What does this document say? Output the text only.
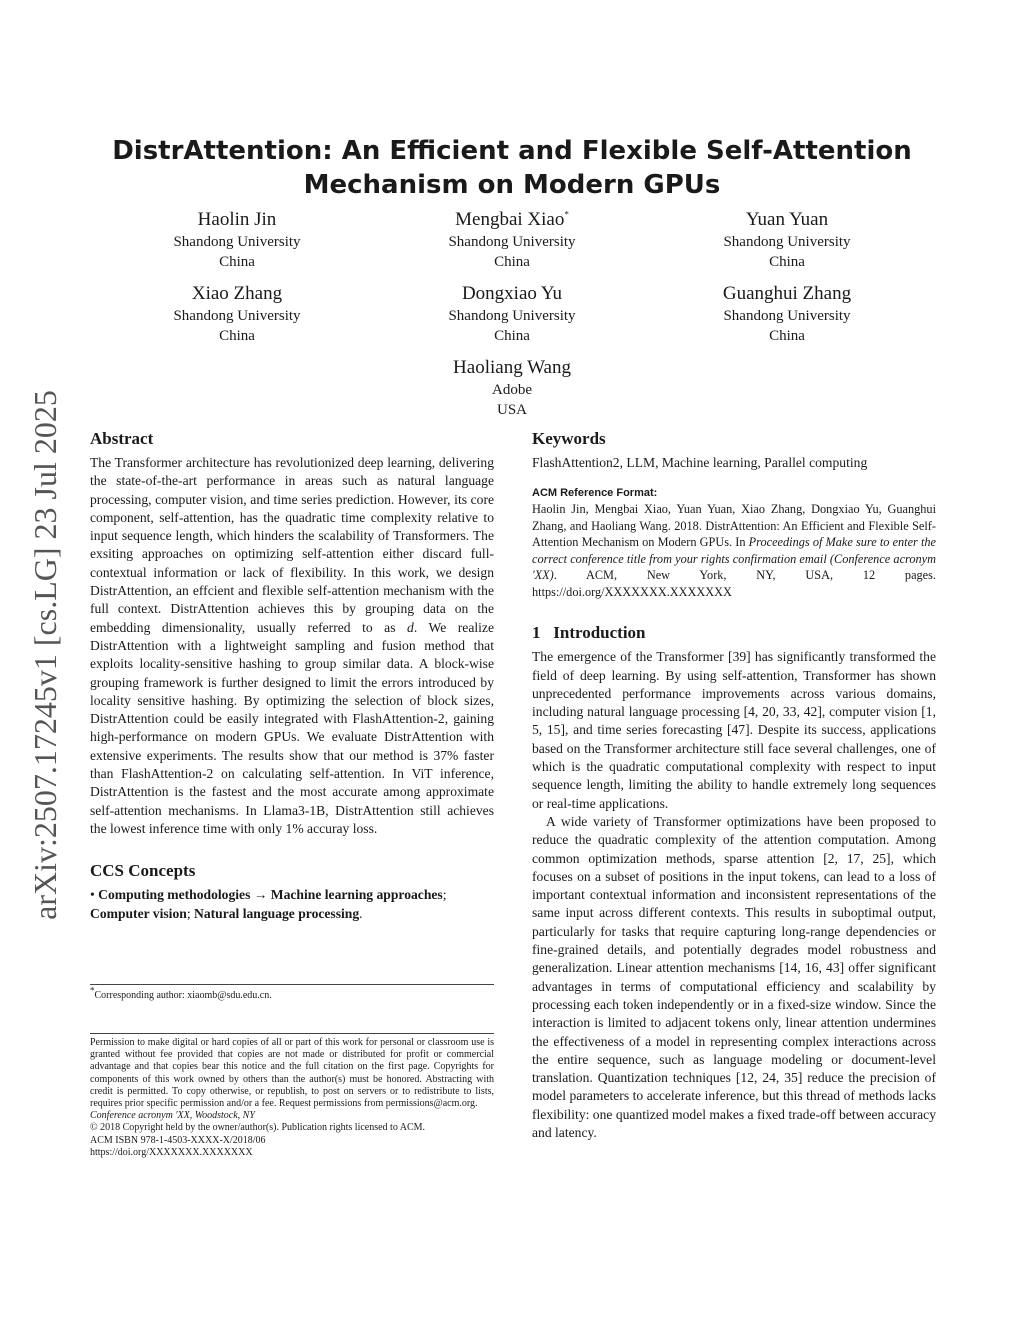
DistrAttention: An Efficient and Flexible Self-Attention
Mechanism on Modern GPUs
Haolin Jin
Shandong University
China
Mengbai Xiao*
Shandong University
China
Yuan Yuan
Shandong University
China
Xiao Zhang
Shandong University
China
Dongxiao Yu
Shandong University
China
Guanghui Zhang
Shandong University
China
Haoliang Wang
Adobe
USA
arXiv:2507.17245v1 [cs.LG] 23 Jul 2025	Abstract

The Transformer architecture has revolutionized deep learning, delivering the state-of-the-art performance in areas such as natural language processing, computer vision, and time series prediction. However, its core component, self-attention, has the quadratic time complexity relative to input sequence length, which hinders the scalability of Transformers. The exsiting approaches on optimizing self-attention either discard full-contextual information or lack of flexibility. In this work, we design DistrAttention, an effcient and flexible self-attention mechanism with the full context. DistrAttention achieves this by grouping data on the embedding dimensionality, usually referred to as d. We realize DistrAttention with a lightweight sampling and fusion method that exploits locality-sensitive hashing to group similar data. A block-wise grouping framework is further designed to limit the errors introduced by locality sensitive hashing. By optimizing the selection of block sizes, DistrAttention could be easily integrated with FlashAttention-2, gaining high-performance on modern GPUs. We evaluate DistrAttention with extensive experiments. The results show that our method is 37% faster than FlashAttention-2 on calculating self-attention. In ViT inference, DistrAttention is the fastest and the most accurate among approximate self-attention mechanisms. In Llama3-1B, DistrAttention still achieves the lowest inference time with only 1% accuray loss.

CCS Concepts

• Computing methodologies → Machine learning approaches; Computer vision; Natural language processing.

*Corresponding author: xiaomb@sdu.edu.cn.

Permission to make digital or hard copies of all or part of this work for personal or classroom use is granted without fee provided that copies are not made or distributed for profit or commercial advantage and that copies bear this notice and the full citation on the first page. Copyrights for components of this work owned by others than the author(s) must be honored. Abstracting with credit is permitted. To copy otherwise, or republish, to post on servers or to redistribute to lists, requires prior specific permission and/or a fee. Request permissions from permissions@acm.org.

Conference acronym 'XX, Woodstock, NY

© 2018 Copyright held by the owner/author(s). Publication rights licensed to ACM.

ACM ISBN 978-1-4503-XXXX-X/2018/06

https://doi.org/XXXXXXX.XXXXXXX

Keywords

FlashAttention2, LLM, Machine learning, Parallel computing

ACM Reference Format:

Haolin Jin, Mengbai Xiao, Yuan Yuan, Xiao Zhang, Dongxiao Yu, Guanghui Zhang, and Haoliang Wang. 2018. DistrAttention: An Efficient and Flexible Self-Attention Mechanism on Modern GPUs. In Proceedings of Make sure to enter the correct conference title from your rights confirmation email (Conference acronym 'XX). ACM, New York, NY, USA, 12 pages. https://doi.org/XXXXXXX.XXXXXXX

1 Introduction

The emergence of the Transformer [39] has significantly transformed the field of deep learning. By using self-attention, Transformer has shown unprecedented performance improvements across various domains, including natural language processing [4, 20, 33, 42], computer vision [1, 5, 15], and time series forecasting [47]. Despite its success, applications based on the Transformer architecture still face several challenges, one of which is the quadratic computational complexity with respect to input sequence length, limiting the ability to handle extremely long sequences or real-time applications.

A wide variety of Transformer optimizations have been proposed to reduce the quadratic complexity of the attention computation. Among common optimization methods, sparse attention [2, 17, 25], which focuses on a subset of positions in the input tokens, can lead to a loss of important contextual information and inconsistent representations of the same input across different contexts. This results in suboptimal output, particularly for tasks that require capturing long-range dependencies or fine-grained details, and potentially degrades model robustness and generalization. Linear attention mechanisms [14, 16, 43] offer significant advantages in terms of computational efficiency and scalability by processing each token independently or in a fixed-size window. Since the interaction is limited to adjacent tokens only, linear attention undermines the effectiveness of a model in representing complex interactions across the entire sequence, such as language modeling or document-level translation. Quantization techniques [12, 24, 35] reduce the precision of model parameters to accelerate inference, but this thread of methods lacks flexibility: one quantized model makes a fixed trade-off between accuracy and latency.
